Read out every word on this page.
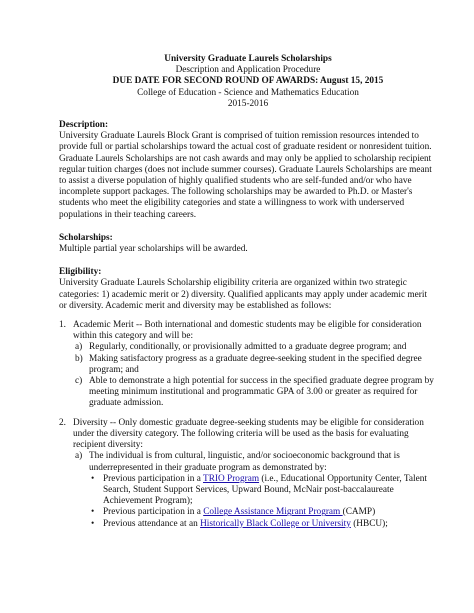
University Graduate Laurels Scholarships
Description and Application Procedure
DUE DATE FOR SECOND ROUND OF AWARDS: August 15, 2015
College of Education - Science and Mathematics Education
2015-2016
Description:
University Graduate Laurels Block Grant is comprised of tuition remission resources intended to provide full or partial scholarships toward the actual cost of graduate resident or nonresident tuition. Graduate Laurels Scholarships are not cash awards and may only be applied to scholarship recipient regular tuition charges (does not include summer courses). Graduate Laurels Scholarships are meant to assist a diverse population of highly qualified students who are self-funded and/or who have incomplete support packages. The following scholarships may be awarded to Ph.D. or Master's students who meet the eligibility categories and state a willingness to work with underserved populations in their teaching careers.
Scholarships:
Multiple partial year scholarships will be awarded.
Eligibility:
University Graduate Laurels Scholarship eligibility criteria are organized within two strategic categories: 1) academic merit or 2) diversity. Qualified applicants may apply under academic merit or diversity. Academic merit and diversity may be established as follows:
1. Academic Merit -- Both international and domestic students may be eligible for consideration within this category and will be:
a) Regularly, conditionally, or provisionally admitted to a graduate degree program; and
b) Making satisfactory progress as a graduate degree-seeking student in the specified degree program; and
c) Able to demonstrate a high potential for success in the specified graduate degree program by meeting minimum institutional and programmatic GPA of 3.00 or greater as required for graduate admission.
2. Diversity -- Only domestic graduate degree-seeking students may be eligible for consideration under the diversity category. The following criteria will be used as the basis for evaluating recipient diversity:
a) The individual is from cultural, linguistic, and/or socioeconomic background that is underrepresented in their graduate program as demonstrated by:
• Previous participation in a TRIO Program (i.e., Educational Opportunity Center, Talent Search, Student Support Services, Upward Bound, McNair post-baccalaureate Achievement Program);
• Previous participation in a College Assistance Migrant Program (CAMP)
• Previous attendance at an Historically Black College or University (HBCU);
